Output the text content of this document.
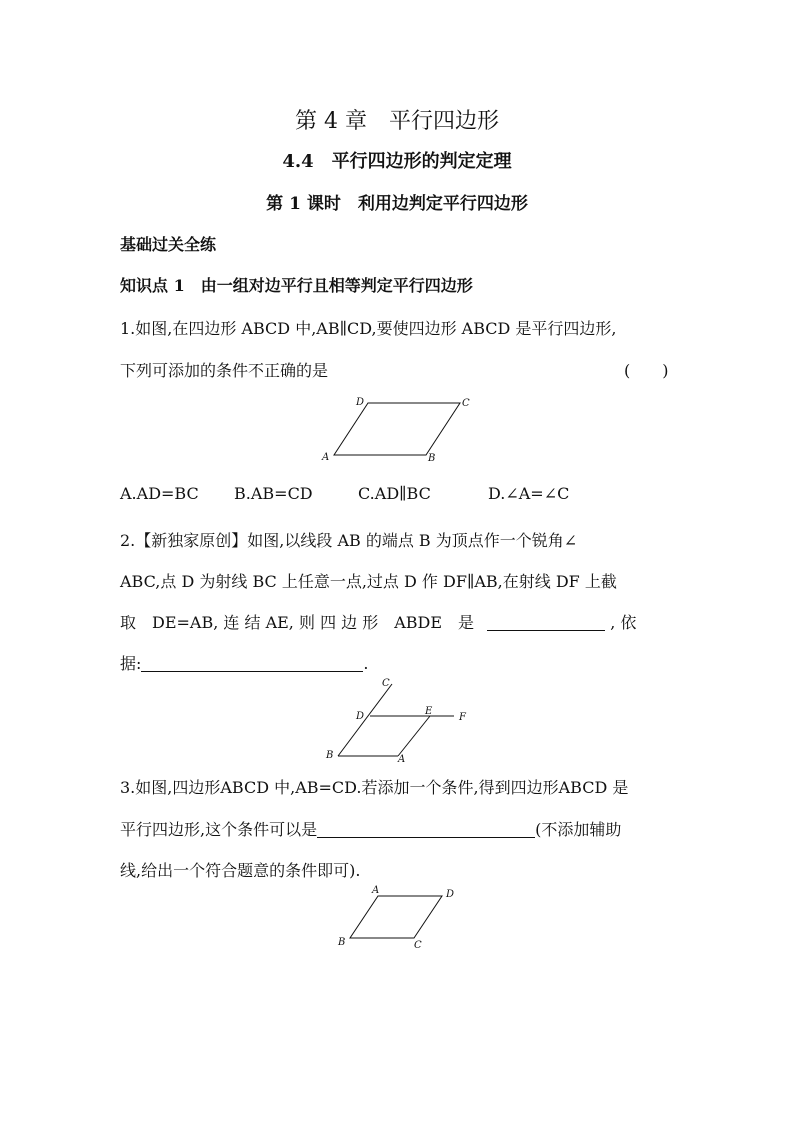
第 4 章　平行四边形
4.4　平行四边形的判定定理
第 1 课时　利用边判定平行四边形
基础过关全练
知识点 1　由一组对边平行且相等判定平行四边形
1.如图,在四边形 ABCD 中,AB∥CD,要使四边形 ABCD 是平行四边形,
下列可添加的条件不正确的是	(　　)
A	B
C
D
A.AD=BC B.AB=CD	C.AD∥BC	D.∠A=∠C
2.【新独家原创】如图,以线段 AB 的端点 B 为顶点作一个锐角∠
ABC,点 D 为射线 BC 上任意一点,过点 D 作 DF∥AB,在射线 DF 上截
取　DE=AB, 连 结 AE, 则 四 边 形　ABDE　是	, 依
据:	.
C
D	E
F
B	A
3.如图,四边形ABCD 中,AB=CD.若添加一个条件,得到四边形ABCD 是
平行四边形,这个条件可以是	(不添加辅助
线,给出一个符合题意的条件即可).
A	D
B	C
